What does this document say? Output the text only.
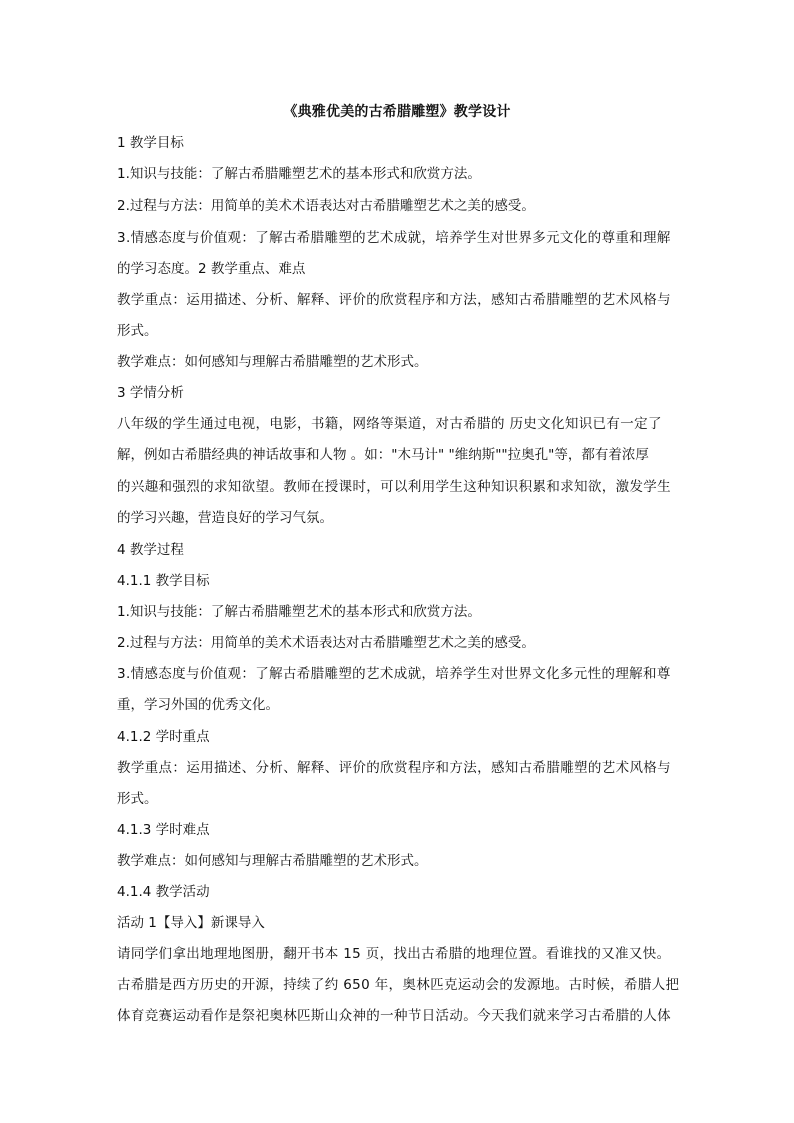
《典雅优美的古希腊雕塑》教学设计
1 教学目标
1.知识与技能：了解古希腊雕塑艺术的基本形式和欣赏方法。
2.过程与方法：用简单的美术术语表达对古希腊雕塑艺术之美的感受。
3.情感态度与价值观：了解古希腊雕塑的艺术成就，培养学生对世界多元文化的尊重和理解
的学习态度。2 教学重点、难点
教学重点：运用描述、分析、解释、评价的欣赏程序和方法，感知古希腊雕塑的艺术风格与
形式。
教学难点：如何感知与理解古希腊雕塑的艺术形式。
3 学情分析
八年级的学生通过电视，电影，书籍，网络等渠道，对古希腊的 历史文化知识已有一定了
解，例如古希腊经典的神话故事和人物 。如："木马计" "维纳斯""拉奥孔"等，都有着浓厚
的兴趣和强烈的求知欲望。教师在授课时，可以利用学生这种知识积累和求知欲，激发学生
的学习兴趣，营造良好的学习气氛。
4 教学过程
4.1.1 教学目标
1.知识与技能：了解古希腊雕塑艺术的基本形式和欣赏方法。
2.过程与方法：用简单的美术术语表达对古希腊雕塑艺术之美的感受。
3.情感态度与价值观：了解古希腊雕塑的艺术成就，培养学生对世界文化多元性的理解和尊
重，学习外国的优秀文化。
4.1.2 学时重点
教学重点：运用描述、分析、解释、评价的欣赏程序和方法，感知古希腊雕塑的艺术风格与
形式。
4.1.3 学时难点
教学难点：如何感知与理解古希腊雕塑的艺术形式。
4.1.4 教学活动
活动 1【导入】新课导入
请同学们拿出地理地图册，翻开书本 15 页，找出古希腊的地理位置。看谁找的又准又快。
古希腊是西方历史的开源，持续了约 650 年，奥林匹克运动会的发源地。古时候，希腊人把
体育竞赛运动看作是祭祀奥林匹斯山众神的一种节日活动。今天我们就来学习古希腊的人体
